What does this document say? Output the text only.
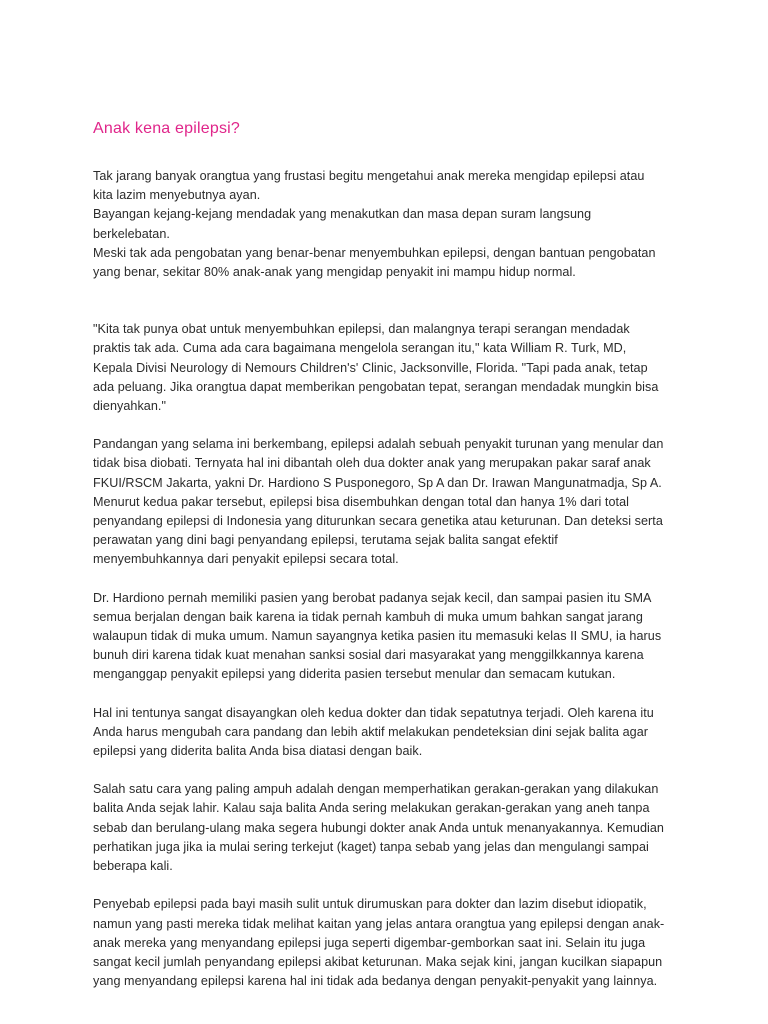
Anak kena epilepsi?

Tak jarang banyak orangtua yang frustasi begitu mengetahui anak mereka mengidap epilepsi atau
kita lazim menyebutnya ayan.
Bayangan kejang-kejang mendadak yang menakutkan dan masa depan suram langsung
berkelebatan.
Meski tak ada pengobatan yang benar-benar menyembuhkan epilepsi, dengan bantuan pengobatan
yang benar, sekitar 80% anak-anak yang mengidap penyakit ini mampu hidup normal.

"Kita tak punya obat untuk menyembuhkan epilepsi, dan malangnya terapi serangan mendadak
praktis tak ada. Cuma ada cara bagaimana mengelola serangan itu," kata William R. Turk, MD,
Kepala Divisi Neurology di Nemours Children's' Clinic, Jacksonville, Florida. "Tapi pada anak, tetap
ada peluang. Jika orangtua dapat memberikan pengobatan tepat, serangan mendadak mungkin bisa
dienyahkan."

Pandangan yang selama ini berkembang, epilepsi adalah sebuah penyakit turunan yang menular dan
tidak bisa diobati. Ternyata hal ini dibantah oleh dua dokter anak yang merupakan pakar saraf anak
FKUI/RSCM Jakarta, yakni Dr. Hardiono S Pusponegoro, Sp A dan Dr. Irawan Mangunatmadja, Sp A.
Menurut kedua pakar tersebut, epilepsi bisa disembuhkan dengan total dan hanya 1% dari total
penyandang epilepsi di Indonesia yang diturunkan secara genetika atau keturunan. Dan deteksi serta
perawatan yang dini bagi penyandang epilepsi, terutama sejak balita sangat efektif
menyembuhkannya dari penyakit epilepsi secara total.

Dr. Hardiono pernah memiliki pasien yang berobat padanya sejak kecil, dan sampai pasien itu SMA
semua berjalan dengan baik karena ia tidak pernah kambuh di muka umum bahkan sangat jarang
walaupun tidak di muka umum. Namun sayangnya ketika pasien itu memasuki kelas II SMU, ia harus
bunuh diri karena tidak kuat menahan sanksi sosial dari masyarakat yang menggilkkannya karena
menganggap penyakit epilepsi yang diderita pasien tersebut menular dan semacam kutukan.

Hal ini tentunya sangat disayangkan oleh kedua dokter dan tidak sepatutnya terjadi. Oleh karena itu
Anda harus mengubah cara pandang dan lebih aktif melakukan pendeteksian dini sejak balita agar
epilepsi yang diderita balita Anda bisa diatasi dengan baik.

Salah satu cara yang paling ampuh adalah dengan memperhatikan gerakan-gerakan yang dilakukan
balita Anda sejak lahir. Kalau saja balita Anda sering melakukan gerakan-gerakan yang aneh tanpa
sebab dan berulang-ulang maka segera hubungi dokter anak Anda untuk menanyakannya. Kemudian
perhatikan juga jika ia mulai sering terkejut (kaget) tanpa sebab yang jelas dan mengulangi sampai
beberapa kali.

Penyebab epilepsi pada bayi masih sulit untuk dirumuskan para dokter dan lazim disebut idiopatik,
namun yang pasti mereka tidak melihat kaitan yang jelas antara orangtua yang epilepsi dengan anak-
anak mereka yang menyandang epilepsi juga seperti digembar-gemborkan saat ini. Selain itu juga
sangat kecil jumlah penyandang epilepsi akibat keturunan. Maka sejak kini, jangan kucilkan siapapun
yang menyandang epilepsi karena hal ini tidak ada bedanya dengan penyakit-penyakit yang lainnya.
